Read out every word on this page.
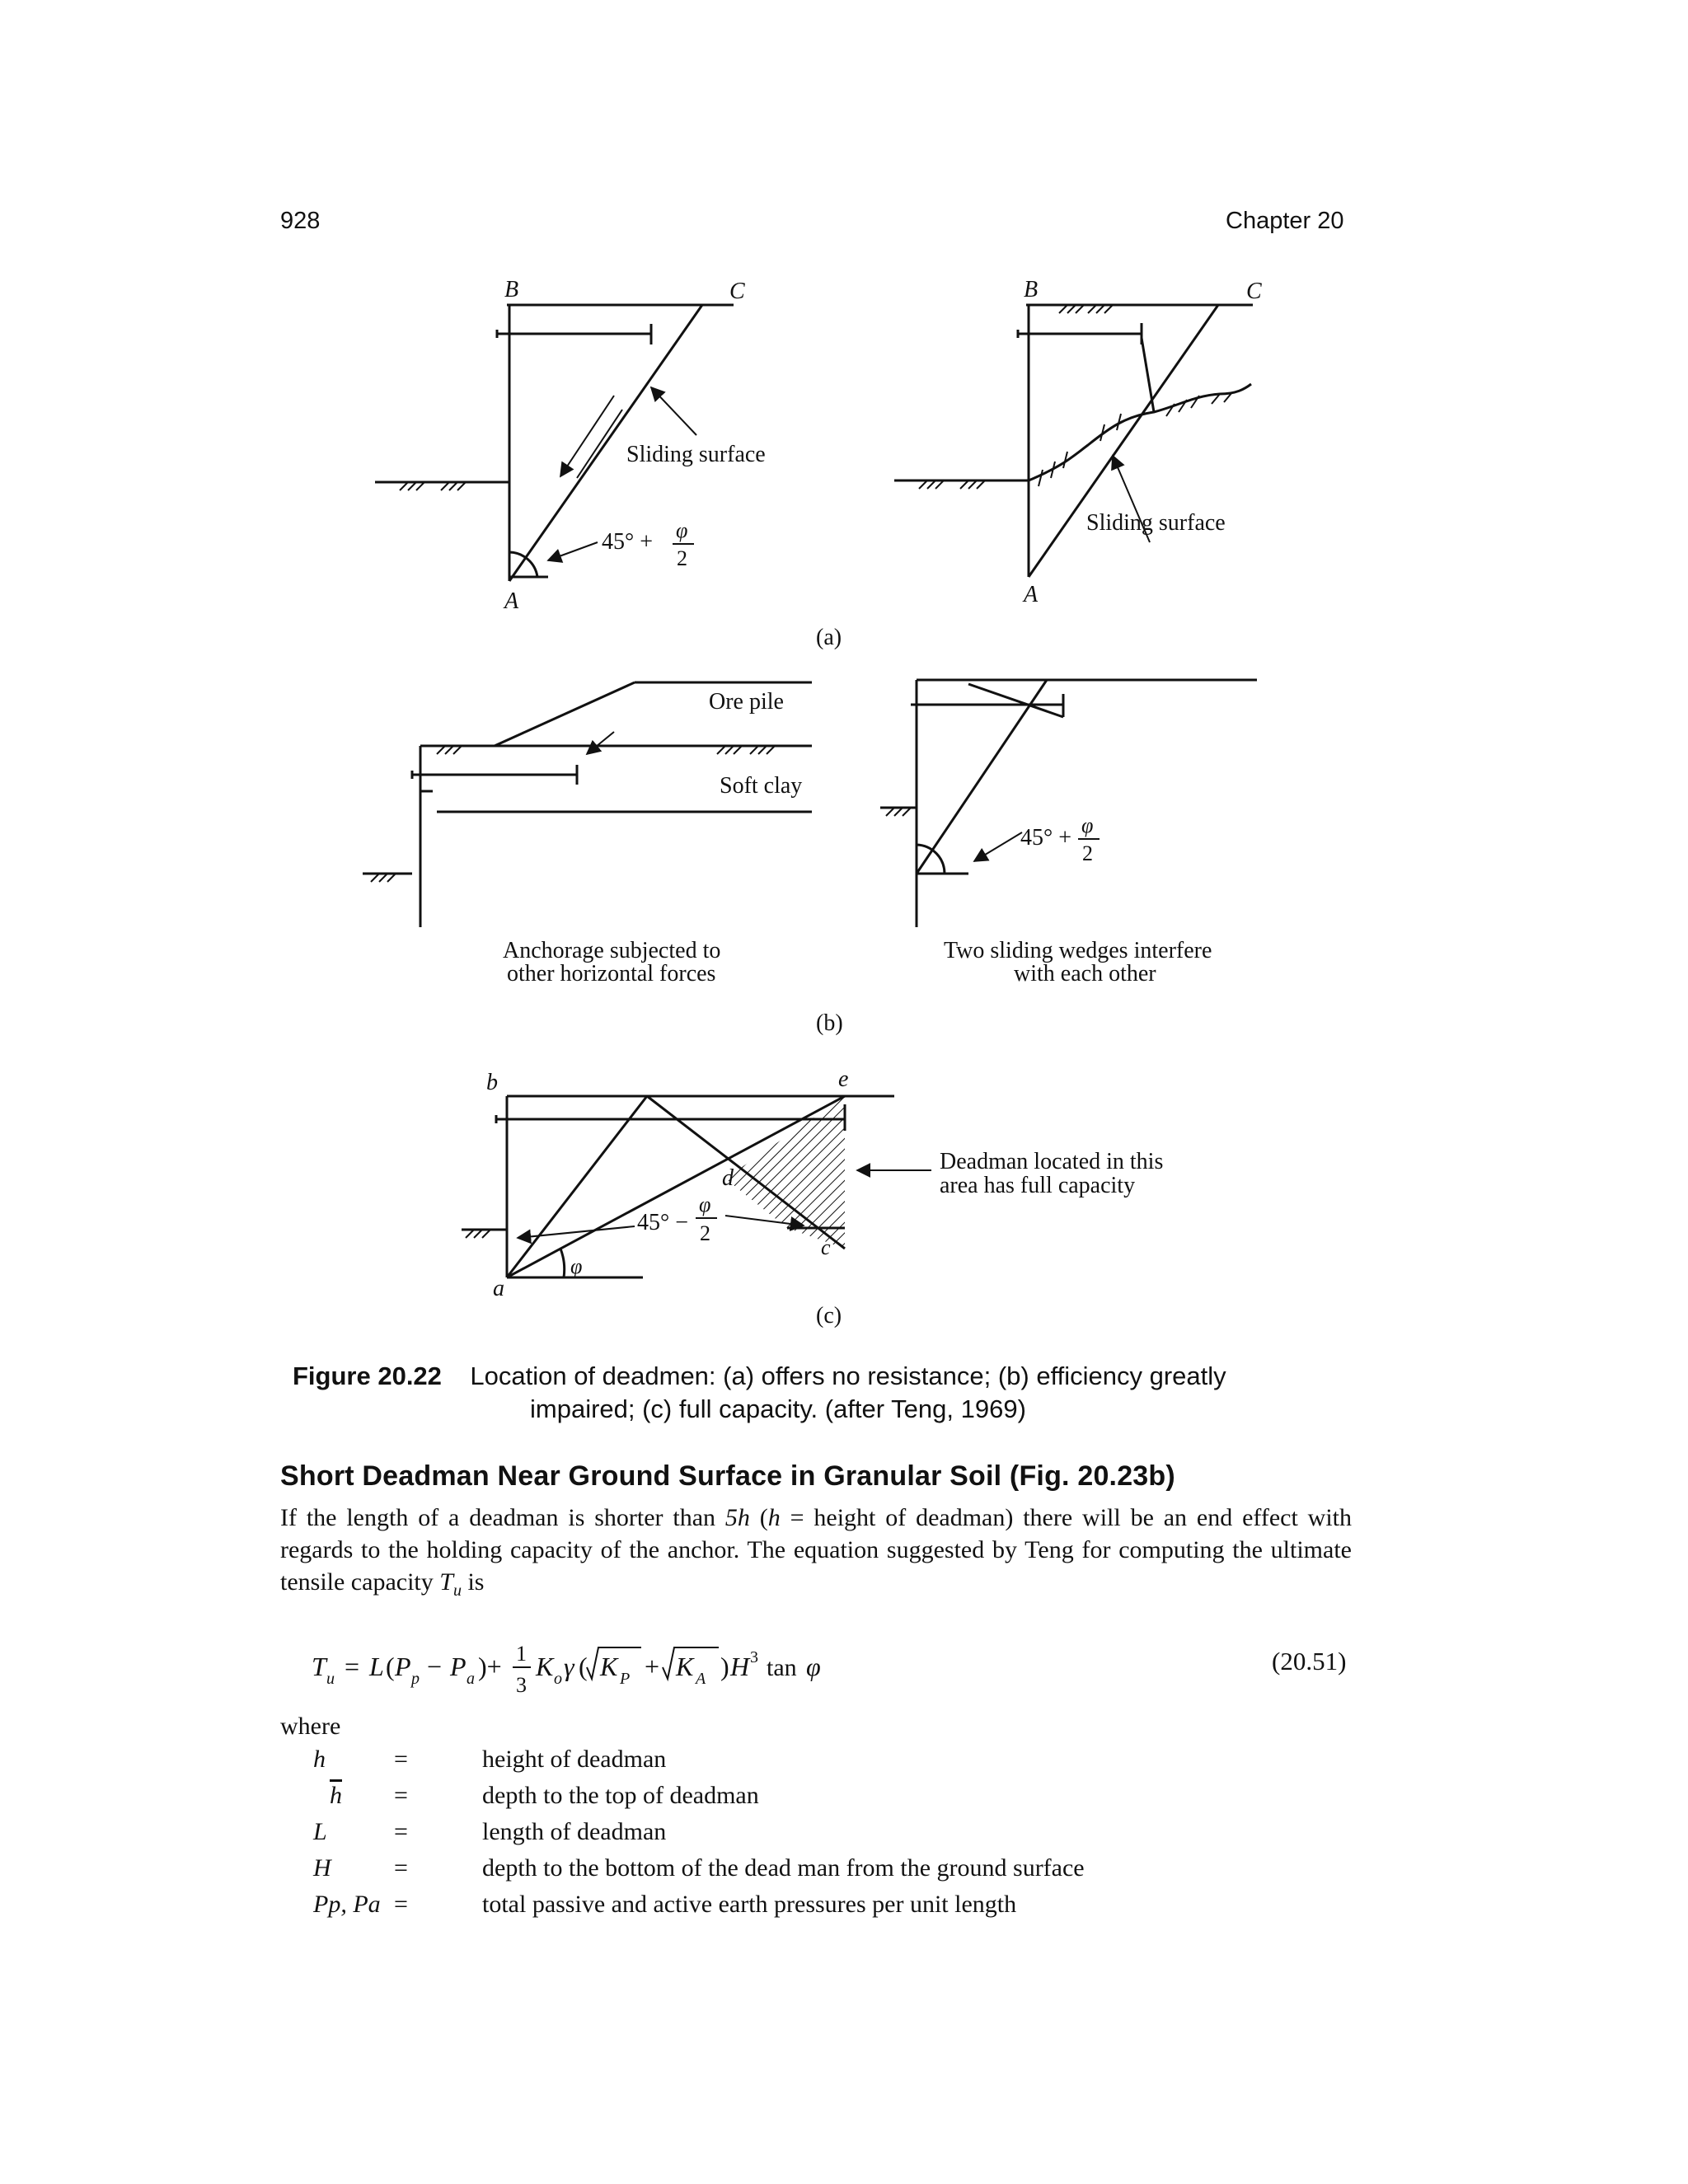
928	Chapter 20
B	C
A
Sliding surface
45° + φ
2
B	C
A
Sliding surface
(a)
Ore pile
Soft clay
Anchorage subjected to
other horizontal forces
45° + φ
2
Two sliding wedges interfere
with each other
(b)
b	e
d
c
a
φ
45° −
φ
2
Deadman located in this
area has full capacity
(c)
Figure 20.22 Location of deadmen: (a) offers no resistance; (b) efficiency greatly
impaired; (c) full capacity. (after Teng, 1969)
Short Deadman Near Ground Surface in Granular Soil (Fig. 20.23b)
If the length of a deadman is shorter than 5h (h = height of deadman) there will be an end effect with regards to the holding capacity of the anchor. The equation suggested by Teng for computing the ultimate tensile capacity $T_u$ is
T u = L ( P p − P a )+ 1
3
K o γ ( K P + K A ) H 3 tan φ	(20.51)
where
h	=	height of deadman
$\overline{h}$	=	depth to the top of deadman
L	=	length of deadman
H	=	depth to the bottom of the dead man from the ground surface
Pp, Pa =	total passive and active earth pressures per unit length
